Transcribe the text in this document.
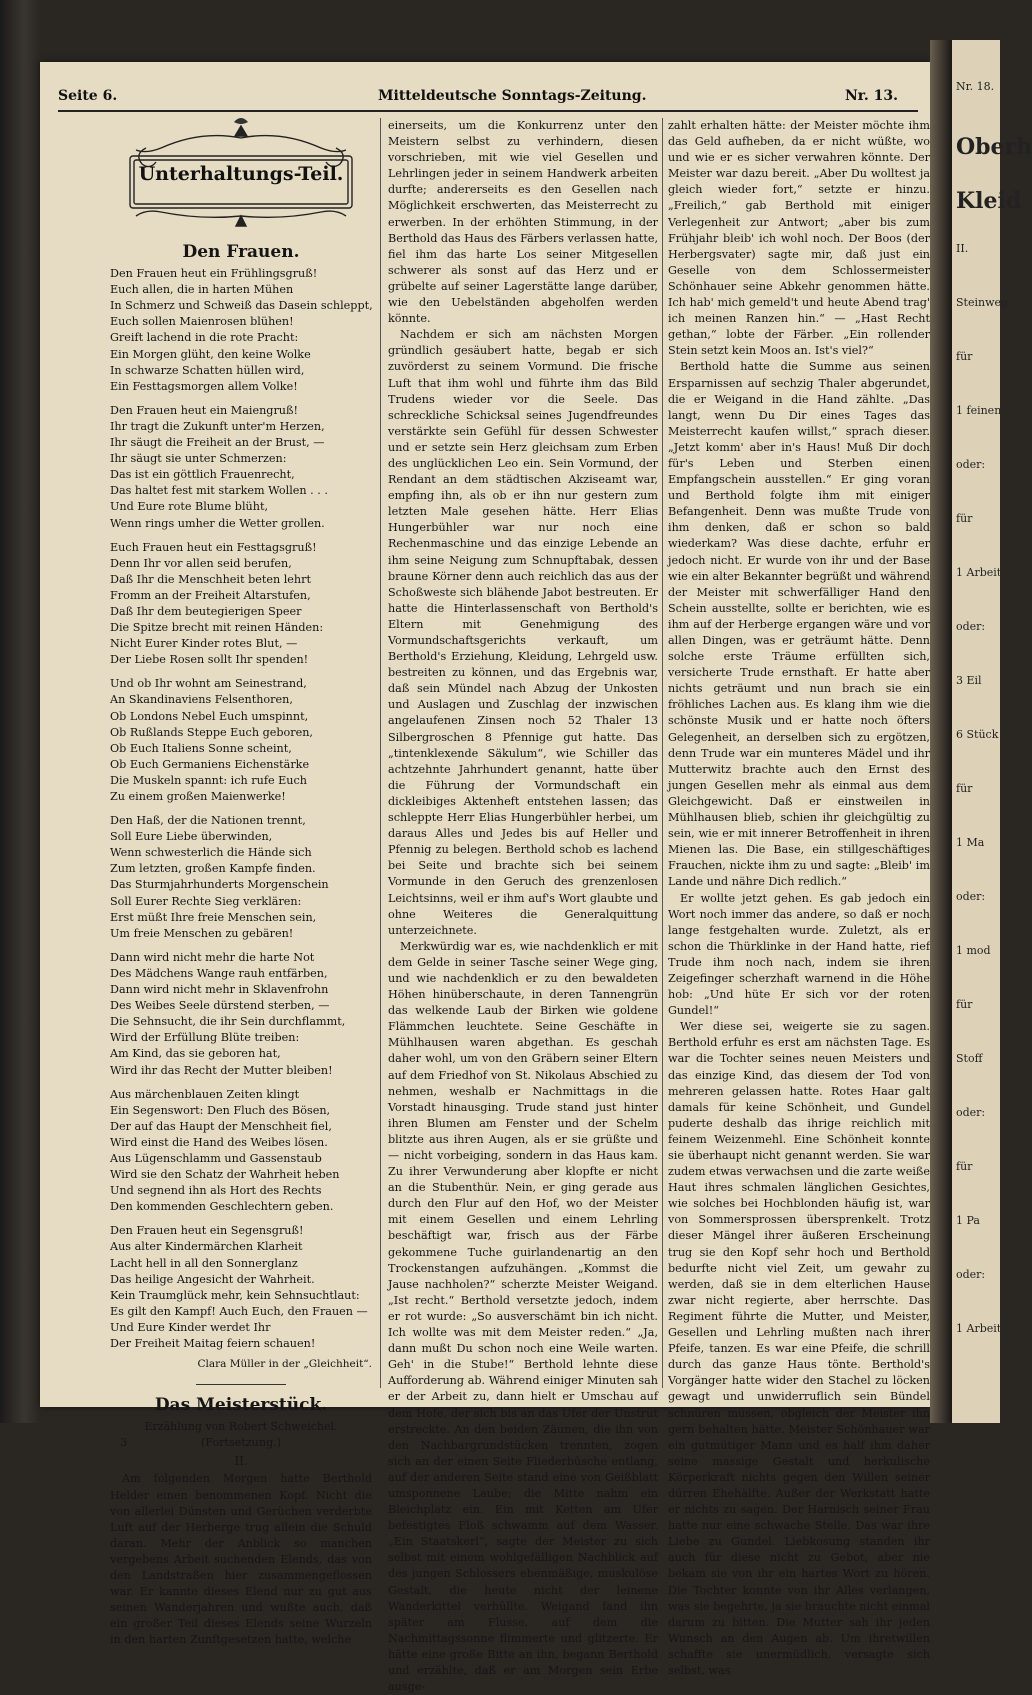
Seite 6.	Mitteldeutsche Sonntags-Zeitung.	Nr. 13.
Unterhaltungs-Teil.
Den Frauen.
Den Frauen heut ein Frühlingsgruß!
Euch allen, die in harten Mühen
In Schmerz und Schweiß das Dasein schleppt,
Euch sollen Maienrosen blühen!
Greift lachend in die rote Pracht:
Ein Morgen glüht, den keine Wolke
In schwarze Schatten hüllen wird,
Ein Festtagsmorgen allem Volke!
Den Frauen heut ein Maiengruß!
Ihr tragt die Zukunft unter'm Herzen,
Ihr säugt die Freiheit an der Brust, —
Ihr säugt sie unter Schmerzen:
Das ist ein göttlich Frauenrecht,
Das haltet fest mit starkem Wollen . . .
Und Eure rote Blume blüht,
Wenn rings umher die Wetter grollen.
Euch Frauen heut ein Festtagsgruß!
Denn Ihr vor allen seid berufen,
Daß Ihr die Menschheit beten lehrt
Fromm an der Freiheit Altarstufen,
Daß Ihr dem beutegierigen Speer
Die Spitze brecht mit reinen Händen:
Nicht Eurer Kinder rotes Blut, —
Der Liebe Rosen sollt Ihr spenden!
Und ob Ihr wohnt am Seinestrand,
An Skandinaviens Felsenthoren,
Ob Londons Nebel Euch umspinnt,
Ob Rußlands Steppe Euch geboren,
Ob Euch Italiens Sonne scheint,
Ob Euch Germaniens Eichenstärke
Die Muskeln spannt: ich rufe Euch
Zu einem großen Maienwerke!
Den Haß, der die Nationen trennt,
Soll Eure Liebe überwinden,
Wenn schwesterlich die Hände sich
Zum letzten, großen Kampfe finden.
Das Sturmjahrhunderts Morgenschein
Soll Eurer Rechte Sieg verklären:
Erst müßt Ihre freie Menschen sein,
Um freie Menschen zu gebären!
Dann wird nicht mehr die harte Not
Des Mädchens Wange rauh entfärben,
Dann wird nicht mehr in Sklavenfrohn
Des Weibes Seele dürstend sterben, —
Die Sehnsucht, die ihr Sein durchflammt,
Wird der Erfüllung Blüte treiben:
Am Kind, das sie geboren hat,
Wird ihr das Recht der Mutter bleiben!
Aus märchenblauen Zeiten klingt
Ein Segenswort: Den Fluch des Bösen,
Der auf das Haupt der Menschheit fiel,
Wird einst die Hand des Weibes lösen.
Aus Lügenschlamm und Gassenstaub
Wird sie den Schatz der Wahrheit heben
Und segnend ihn als Hort des Rechts
Den kommenden Geschlechtern geben.
Den Frauen heut ein Segensgruß!
Aus alter Kindermärchen Klarheit
Lacht hell in all den Sonnerglanz
Das heilige Angesicht der Wahrheit.
Kein Traumglück mehr, kein Sehnsuchtlaut:
Es gilt den Kampf! Auch Euch, den Frauen —
Und Eure Kinder werdet Ihr
Der Freiheit Maitag feiern schauen!
Clara Müller in der „Gleichheit“.
Das Meisterstück.
Erzählung von Robert Schweichel.
3	(Fortsetzung.)
II.

Am folgenden Morgen hatte Berthold Helder einen benommenen Kopf. Nicht die von allerlei Dünsten und Gerüchen verderbte Luft auf der Herberge trug allein die Schuld daran. Mehr der Anblick so manchen vergebens Arbeit suchenden Elends, das von den Landstraßen hier zusammengeflossen war. Er kannte dieses Elend nur zu gut aus seinen Wanderjahren und wußte auch, daß ein großer Teil dieses Elends seine Wurzeln in den harten Zunftgesetzen hatte, welche

einerseits, um die Konkurrenz unter den Meistern selbst zu verhindern, diesen vorschrieben, mit wie viel Gesellen und Lehrlingen jeder in seinem Handwerk arbeiten durfte; andererseits es den Gesellen nach Möglichkeit erschwerten, das Meisterrecht zu erwerben. In der erhöhten Stimmung, in der Berthold das Haus des Färbers verlassen hatte, fiel ihm das harte Los seiner Mitgesellen schwerer als sonst auf das Herz und er grübelte auf seiner Lagerstätte lange darüber, wie den Uebelständen abgeholfen werden könnte.

Nachdem er sich am nächsten Morgen gründlich gesäubert hatte, begab er sich zuvörderst zu seinem Vormund. Die frische Luft that ihm wohl und führte ihm das Bild Trudens wieder vor die Seele. Das schreckliche Schicksal seines Jugendfreundes verstärkte sein Gefühl für dessen Schwester und er setzte sein Herz gleichsam zum Erben des unglücklichen Leo ein. Sein Vormund, der Rendant an dem städtischen Akziseamt war, empfing ihn, als ob er ihn nur gestern zum letzten Male gesehen hätte. Herr Elias Hungerbühler war nur noch eine Rechenmaschine und das einzige Lebende an ihm seine Neigung zum Schnupftabak, dessen braune Körner denn auch reichlich das aus der Schoßweste sich blähende Jabot bestreuten. Er hatte die Hinterlassenschaft von Berthold's Eltern mit Genehmigung des Vormundschaftsgerichts verkauft, um Berthold's Erziehung, Kleidung, Lehrgeld usw. bestreiten zu können, und das Ergebnis war, daß sein Mündel nach Abzug der Unkosten und Auslagen und Zuschlag der inzwischen angelaufenen Zinsen noch 52 Thaler 13 Silbergroschen 8 Pfennige gut hatte. Das „tintenklexende Säkulum“, wie Schiller das achtzehnte Jahrhundert genannt, hatte über die Führung der Vormundschaft ein dickleibiges Aktenheft entstehen lassen; das schleppte Herr Elias Hungerbühler herbei, um daraus Alles und Jedes bis auf Heller und Pfennig zu belegen. Berthold schob es lachend bei Seite und brachte sich bei seinem Vormunde in den Geruch des grenzenlosen Leichtsinns, weil er ihm auf's Wort glaubte und ohne Weiteres die Generalquittung unterzeichnete.

Merkwürdig war es, wie nachdenklich er mit dem Gelde in seiner Tasche seiner Wege ging, und wie nachdenklich er zu den bewaldeten Höhen hinüberschaute, in deren Tannengrün das welkende Laub der Birken wie goldene Flämmchen leuchtete. Seine Geschäfte in Mühlhausen waren abgethan. Es geschah daher wohl, um von den Gräbern seiner Eltern auf dem Friedhof von St. Nikolaus Abschied zu nehmen, weshalb er Nachmittags in die Vorstadt hinausging. Trude stand just hinter ihren Blumen am Fenster und der Schelm blitzte aus ihren Augen, als er sie grüßte und — nicht vorbeiging, sondern in das Haus kam. Zu ihrer Verwunderung aber klopfte er nicht an die Stubenthür. Nein, er ging gerade aus durch den Flur auf den Hof, wo der Meister mit einem Gesellen und einem Lehrling beschäftigt war, frisch aus der Färbe gekommene Tuche guirlandenartig an den Trockenstangen aufzuhängen. „Kommst die Jause nachholen?“ scherzte Meister Weigand. „Ist recht.“ Berthold versetzte jedoch, indem er rot wurde: „So ausverschämt bin ich nicht. Ich wollte was mit dem Meister reden.“ „Ja, dann mußt Du schon noch eine Weile warten. Geh' in die Stube!“ Berthold lehnte diese Aufforderung ab. Während einiger Minuten sah er der Arbeit zu, dann hielt er Umschau auf dem Hofe, der sich bis an das Ufer der Unstrut erstreckte. An den beiden Zäunen, die ihn von den Nachbargrundstücken trennten, zogen sich an der einen Seite Fliederbüsche entlang, auf der anderen Seite stand eine von Geißblatt umsponnene Laube; die Mitte nahm ein Bleichplatz ein. Ein mit Ketten am Ufer befestigtes Floß schwamm auf dem Wasser. „Ein Staatskerl“, sagte der Meister zu sich selbst mit einem wohlgefälligen Nachblick auf des jungen Schlossers ebenmäßige, muskulöse Gestalt, die heute nicht der leinene Wanderkittel verhüllte. Weigand fand ihn später am Flusse, auf dem die Nachmittagssonne flimmerte und glitzerte. Er hätte eine große Bitte an ihn, begann Berthold und erzählte, daß er am Morgen sein Erbe ausge-

zahlt erhalten hätte: der Meister möchte ihm das Geld aufheben, da er nicht wüßte, wo und wie er es sicher verwahren könnte. Der Meister war dazu bereit. „Aber Du wolltest ja gleich wieder fort,“ setzte er hinzu. „Freilich,“ gab Berthold mit einiger Verlegenheit zur Antwort; „aber bis zum Frühjahr bleib' ich wohl noch. Der Boos (der Herbergsvater) sagte mir, daß just ein Geselle von dem Schlossermeister Schönhauer seine Abkehr genommen hätte. Ich hab' mich gemeld't und heute Abend trag' ich meinen Ranzen hin.“ — „Hast Recht gethan,“ lobte der Färber. „Ein rollender Stein setzt kein Moos an. Ist's viel?“

Berthold hatte die Summe aus seinen Ersparnissen auf sechzig Thaler abgerundet, die er Weigand in die Hand zählte. „Das langt, wenn Du Dir eines Tages das Meisterrecht kaufen willst,“ sprach dieser. „Jetzt komm' aber in's Haus! Muß Dir doch für's Leben und Sterben einen Empfangschein ausstellen.“ Er ging voran und Berthold folgte ihm mit einiger Befangenheit. Denn was mußte Trude von ihm denken, daß er schon so bald wiederkam? Was diese dachte, erfuhr er jedoch nicht. Er wurde von ihr und der Base wie ein alter Bekannter begrüßt und während der Meister mit schwerfälliger Hand den Schein ausstellte, sollte er berichten, wie es ihm auf der Herberge ergangen wäre und vor allen Dingen, was er geträumt hätte. Denn solche erste Träume erfüllten sich, versicherte Trude ernsthaft. Er hatte aber nichts geträumt und nun brach sie ein fröhliches Lachen aus. Es klang ihm wie die schönste Musik und er hatte noch öfters Gelegenheit, an derselben sich zu ergötzen, denn Trude war ein munteres Mädel und ihr Mutterwitz brachte auch den Ernst des jungen Gesellen mehr als einmal aus dem Gleichgewicht. Daß er einstweilen in Mühlhausen blieb, schien ihr gleichgültig zu sein, wie er mit innerer Betroffenheit in ihren Mienen las. Die Base, ein stillgeschäftiges Frauchen, nickte ihm zu und sagte: „Bleib' im Lande und nähre Dich redlich.“

Er wollte jetzt gehen. Es gab jedoch ein Wort noch immer das andere, so daß er noch lange festgehalten wurde. Zuletzt, als er schon die Thürklinke in der Hand hatte, rief Trude ihm noch nach, indem sie ihren Zeigefinger scherzhaft warnend in die Höhe hob: „Und hüte Er sich vor der roten Gundel!“

Wer diese sei, weigerte sie zu sagen. Berthold erfuhr es erst am nächsten Tage. Es war die Tochter seines neuen Meisters und das einzige Kind, das diesem der Tod von mehreren gelassen hatte. Rotes Haar galt damals für keine Schönheit, und Gundel puderte deshalb das ihrige reichlich mit feinem Weizenmehl. Eine Schönheit konnte sie überhaupt nicht genannt werden. Sie war zudem etwas verwachsen und die zarte weiße Haut ihres schmalen länglichen Gesichtes, wie solches bei Hochblonden häufig ist, war von Sommersprossen übersprenkelt. Trotz dieser Mängel ihrer äußeren Erscheinung trug sie den Kopf sehr hoch und Berthold bedurfte nicht viel Zeit, um gewahr zu werden, daß sie in dem elterlichen Hause zwar nicht regierte, aber herrschte. Das Regiment führte die Mutter, und Meister, Gesellen und Lehrling mußten nach ihrer Pfeife, tanzen. Es war eine Pfeife, die schrill durch das ganze Haus tönte. Berthold's Vorgänger hatte wider den Stachel zu löcken gewagt und unwiderruflich sein Bündel schnüren müssen, obgleich der Meister ihn gern behalten hätte. Meister Schönhauer war ein gutmütiger Mann und es half ihm daher seine massige Gestalt und herkulische Körperkraft nichts gegen den Willen seiner dürren Ehehälfte. Außer der Werkstatt hatte er nichts zu sagen. Der Harnisch seiner Frau hatte nur eine schwache Stelle. Das war ihre Liebe zu Gundel. Liebkosung standen ihr auch für diese nicht zu Gebot, aber nie bekam sie von ihr ein hartes Wort zu hören. Die Tochter konnte von ihr Alles verlangen, was sie begehrte, ja sie brauchte nicht einmal darum zu bitten. Die Mutter sah ihr jeden Wunsch an den Augen ab. Um ihretwillen schaffte sie unermüdlich, versagte sich selbst, was

Nr. 18.
Oberh
Kleid
II.
Steinweg
für
1 feinen
oder:
für
1 Arbeit
oder:
3 Eil
6 Stück
für
1 Ma
oder:
1 mod
für
Stoff
oder:
für
1 Pa
oder:
1 Arbeit
